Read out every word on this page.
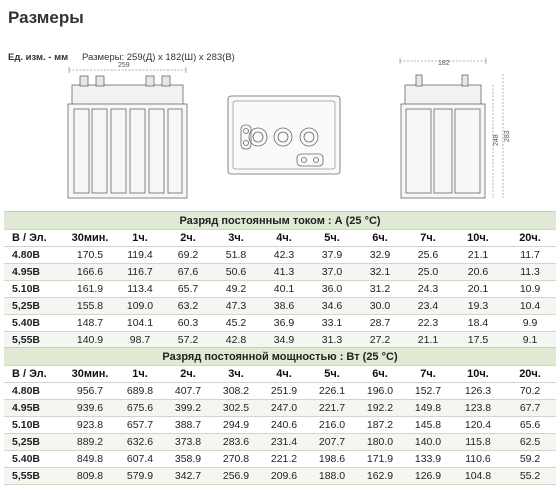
Размеры
Ед. изм. - мм Размеры: 259(Д) х 182(Ш) х 283(В)
259	182
248 283
Разряд постоянным током : А (25 °C)										
В / Эл.	30мин.	1ч.	2ч.	3ч.	4ч.	5ч.	6ч.	7ч.	10ч.	20ч.
4.80В	170.5	119.4	69.2	51.8	42.3	37.9	32.9	25.6	21.1	11.7
4.95В	166.6	116.7	67.6	50.6	41.3	37.0	32.1	25.0	20.6	11.3
5.10В	161.9	113.4	65.7	49.2	40.1	36.0	31.2	24.3	20.1	10.9
5,25В	155.8	109.0	63.2	47.3	38.6	34.6	30.0	23.4	19.3	10.4
5.40В	148.7	104.1	60.3	45.2	36.9	33.1	28.7	22.3	18.4	9.9
5,55В	140.9	98.7	57.2	42.8	34.9	31.3	27.2	21.1	17.5	9.1
Разряд постоянной мощностью : Вт (25 °C)										
В / Эл.	30мин.	1ч.	2ч.	3ч.	4ч.	5ч.	6ч.	7ч.	10ч.	20ч.
4.80В	956.7	689.8	407.7	308.2	251.9	226.1	196.0	152.7	126.3	70.2
4.95В	939.6	675.6	399.2	302.5	247.0	221.7	192.2	149.8	123.8	67.7
5.10В	923.8	657.7	388.7	294.9	240.6	216.0	187.2	145.8	120.4	65.6
5,25В	889.2	632.6	373.8	283.6	231.4	207.7	180.0	140.0	115.8	62.5
5.40В	849.8	607.4	358.9	270.8	221.2	198.6	171.9	133.9	110.6	59.2
5,55В	809.8	579.9	342.7	256.9	209.6	188.0	162.9	126.9	104.8	55.2
